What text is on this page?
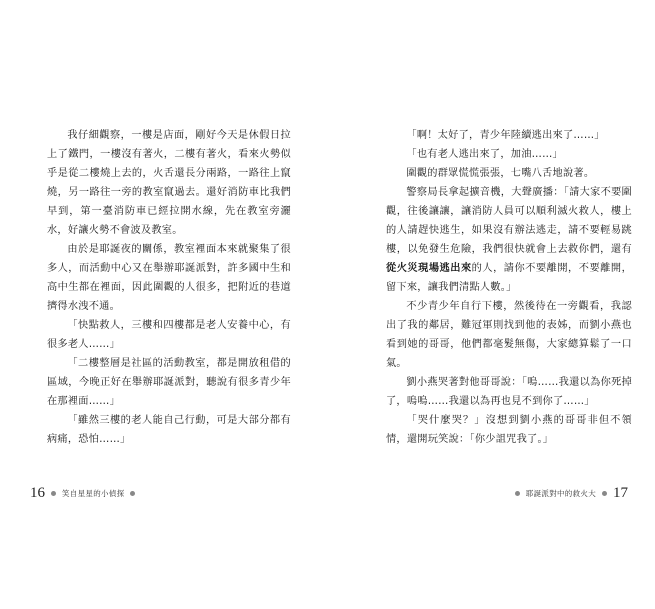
我仔細觀察，一樓是店面，剛好今天是休假日拉上了鐵門，一樓沒有著火，二樓有著火，看來火勢似乎是從二樓燒上去的，火舌還長分兩路，一路往上竄燒，另一路往一旁的教室竄過去。還好消防車比我們早到，第一臺消防車已經拉開水線，先在教室旁灑水，好讓火勢不會波及教室。

由於是耶誕夜的關係，教室裡面本來就聚集了很多人，而活動中心又在舉辦耶誕派對，許多國中生和高中生都在裡面，因此圍觀的人很多，把附近的巷道擠得水洩不通。

「快點救人，三樓和四樓都是老人安養中心，有很多老人……」

「二樓整層是社區的活動教室，都是開放租借的區域，今晚正好在舉辦耶誕派對，聽說有很多青少年在那裡面……」

「雖然三樓的老人能自己行動，可是大部分都有病痛，恐怕……」

16 笑自星星的小偵探

「啊！太好了，青少年陸續逃出來了……」

「也有老人逃出來了，加油……」

圍觀的群眾慌慌張張，七嘴八舌地說著。

警察局長拿起擴音機，大聲廣播：「請大家不要圍觀，往後讓讓，讓消防人員可以順利滅火救人，樓上的人請趕快逃生，如果沒有辦法逃走，請不要輕易跳樓，以免發生危險，我們很快就會上去救你們，還有從火災現場逃出來的人，請你不要離開，不要離開，留下來，讓我們清點人數。」

不少青少年自行下樓，然後待在一旁觀看，我認出了我的鄰居，難冠軍則找到他的表姊，而劉小燕也看到她的哥哥，他們都毫髮無傷，大家總算鬆了一口氣。

劉小燕哭著對他哥哥說：「嗚……我還以為你死掉了，嗚嗚……我還以為再也見不到你了……」

「哭什麼哭？」沒想到劉小燕的哥哥非但不領情，還開玩笑說：「你少詛咒我了。」

耶誕派對中的救火大 17
